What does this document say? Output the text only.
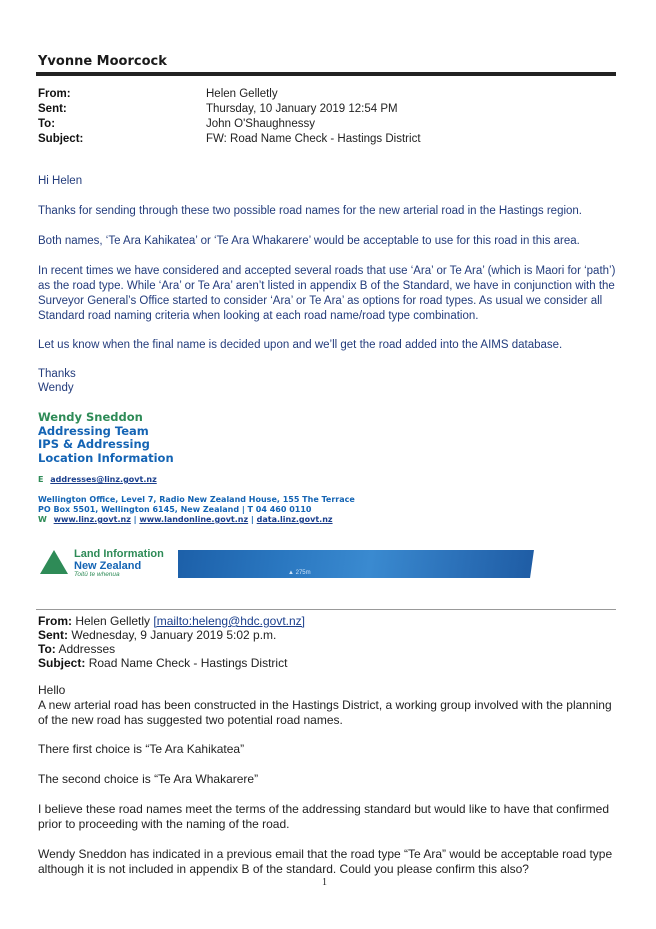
Yvonne Moorcock
From:	Helen Gelletly
Sent:	Thursday, 10 January 2019 12:54 PM
To:	John O'Shaughnessy
Subject:	FW: Road Name Check - Hastings District
Hi Helen
Thanks for sending through these two possible road names for the new arterial road in the Hastings region.
Both names, ‘Te Ara Kahikatea’ or ‘Te Ara Whakarere’ would be acceptable to use for this road in this area.
In recent times we have considered and accepted several roads that use ‘Ara’ or Te Ara’ (which is Maori for ‘path’) as the road type. While ‘Ara’ or Te Ara’ aren’t listed in appendix B of the Standard, we have in conjunction with the Surveyor General’s Office started to consider ‘Ara’ or Te Ara’ as options for road types. As usual we consider all Standard road naming criteria when looking at each road name/road type combination.
Let us know when the final name is decided upon and we’ll get the road added into the AIMS database.
Thanks
Wendy
Wendy Sneddon
Addressing Team
IPS & Addressing
Location Information
E addresses@linz.govt.nz
Wellington Office, Level 7, Radio New Zealand House, 155 The Terrace
PO Box 5501, Wellington 6145, New Zealand | T 04 460 0110
W www.linz.govt.nz | www.landonline.govt.nz | data.linz.govt.nz
▲ 275m
Land Information
New Zealand
Toitū te whenua
From: Helen Gelletly [mailto:heleng@hdc.govt.nz]
Sent: Wednesday, 9 January 2019 5:02 p.m.
To: Addresses
Subject: Road Name Check - Hastings District
Hello
A new arterial road has been constructed in the Hastings District, a working group involved with the planning of the new road has suggested two potential road names.
There first choice is “Te Ara Kahikatea”
The second choice is “Te Ara Whakarere”
I believe these road names meet the terms of the addressing standard but would like to have that confirmed prior to proceeding with the naming of the road.
Wendy Sneddon has indicated in a previous email that the road type “Te Ara” would be acceptable road type although it is not included in appendix B of the standard. Could you please confirm this also?
1
